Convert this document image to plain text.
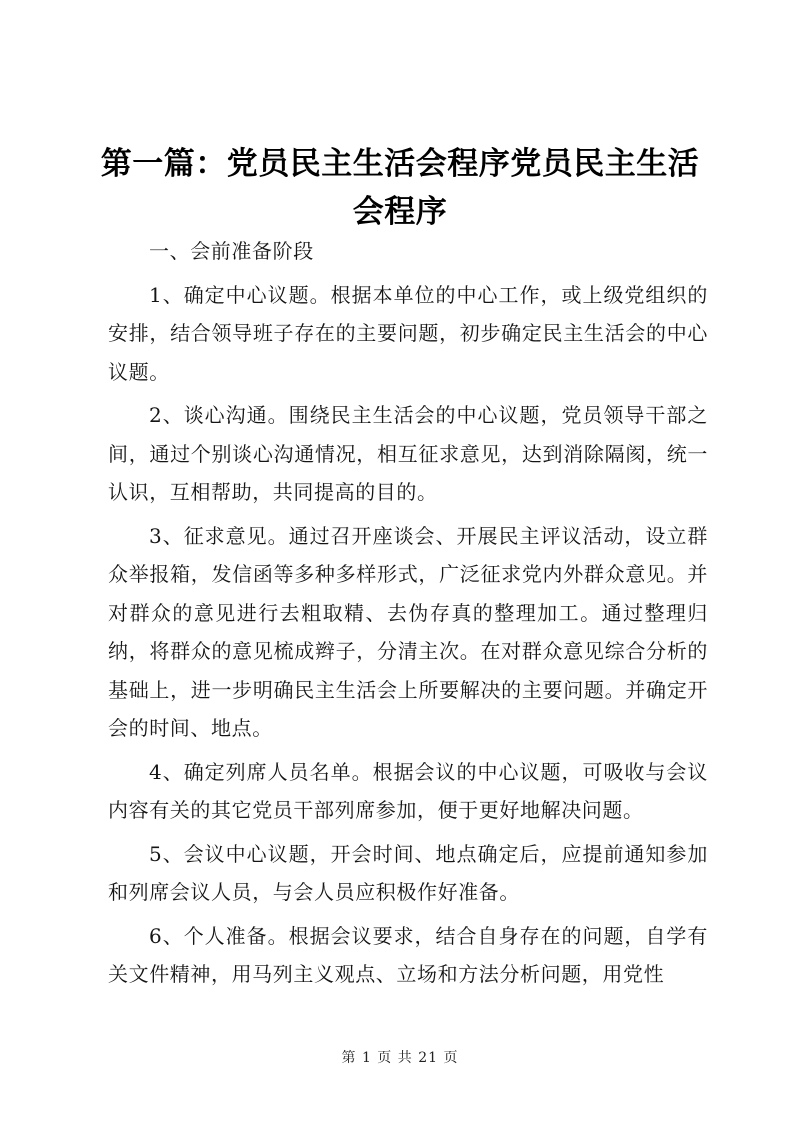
第一篇：党员民主生活会程序党员民主生活会程序

一、会前准备阶段

1、确定中心议题。根据本单位的中心工作，或上级党组织的安排，结合领导班子存在的主要问题，初步确定民主生活会的中心议题。

2、谈心沟通。围绕民主生活会的中心议题，党员领导干部之间，通过个别谈心沟通情况，相互征求意见，达到消除隔阂，统一认识，互相帮助，共同提高的目的。

3、征求意见。通过召开座谈会、开展民主评议活动，设立群众举报箱，发信函等多种多样形式，广泛征求党内外群众意见。并对群众的意见进行去粗取精、去伪存真的整理加工。通过整理归纳，将群众的意见梳成辫子，分清主次。在对群众意见综合分析的基础上，进一步明确民主生活会上所要解决的主要问题。并确定开会的时间、地点。

4、确定列席人员名单。根据会议的中心议题，可吸收与会议内容有关的其它党员干部列席参加，便于更好地解决问题。

5、会议中心议题，开会时间、地点确定后，应提前通知参加和列席会议人员，与会人员应积极作好准备。

6、个人准备。根据会议要求，结合自身存在的问题，自学有关文件精神，用马列主义观点、立场和方法分析问题，用党性

第 1 页 共 21 页
